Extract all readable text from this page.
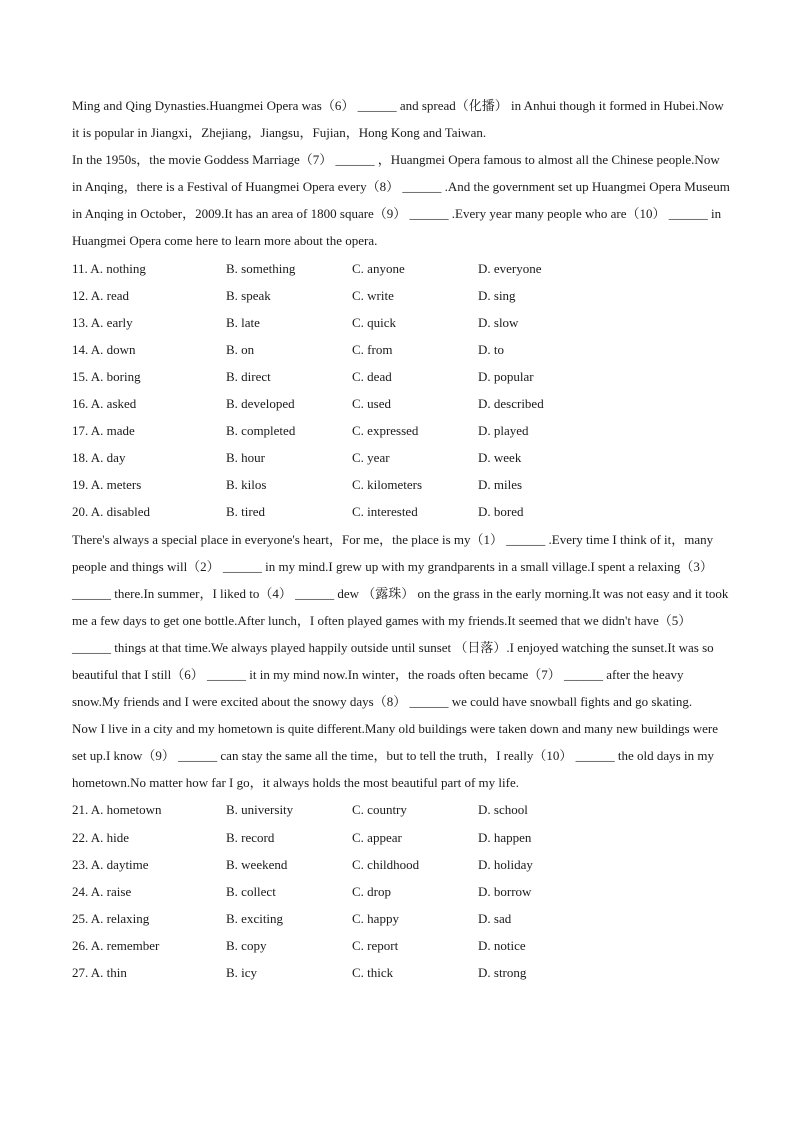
Ming and Qing Dynasties.Huangmei Opera was（6） ______ and spread（化播） in Anhui though it formed in Hubei.Now it is popular in Jiangxi，Zhejiang，Jiangsu，Fujian，Hong Kong and Taiwan.

In the 1950s，the movie Goddess Marriage（7） ______ ，Huangmei Opera famous to almost all the Chinese people.Now in Anqing，there is a Festival of Huangmei Opera every（8） ______ .And the government set up Huangmei Opera Museum in Anqing in October，2009.It has an area of 1800 square（9） ______ .Every year many people who are（10） ______ in Huangmei Opera come here to learn more about the opera.

11. A. nothing	B. something	C. anyone	D. everyone
12. A. read	B. speak	C. write	D. sing
13. A. early	B. late	C. quick	D. slow
14. A. down	B. on	C. from	D. to
15. A. boring	B. direct	C. dead	D. popular
16. A. asked	B. developed	C. used	D. described
17. A. made	B. completed	C. expressed	D. played
18. A. day	B. hour	C. year	D. week
19. A. meters	B. kilos	C. kilometers	D. miles
20. A. disabled	B. tired	C. interested	D. bored

There's always a special place in everyone's heart，For me，the place is my（1） ______ .Every time I think of it，many people and things will（2） ______ in my mind.I grew up with my grandparents in a small village.I spent a relaxing（3） ______ there.In summer，I liked to（4） ______ dew （露珠） on the grass in the early morning.It was not easy and it took me a few days to get one bottle.After lunch，I often played games with my friends.It seemed that we didn't have（5） ______ things at that time.We always played happily outside until sunset （日落）.I enjoyed watching the sunset.It was so beautiful that I still（6） ______ it in my mind now.In winter，the roads often became（7） ______ after the heavy snow.My friends and I were excited about the snowy days（8） ______ we could have snowball fights and go skating.

Now I live in a city and my hometown is quite different.Many old buildings were taken down and many new buildings were set up.I know（9） ______ can stay the same all the time，but to tell the truth，I really（10） ______ the old days in my hometown.No matter how far I go，it always holds the most beautiful part of my life.

21. A. hometown	B. university	C. country	D. school
22. A. hide	B. record	C. appear	D. happen
23. A. daytime	B. weekend	C. childhood	D. holiday
24. A. raise	B. collect	C. drop	D. borrow
25. A. relaxing	B. exciting	C. happy	D. sad
26. A. remember	B. copy	C. report	D. notice
27. A. thin	B. icy	C. thick	D. strong
